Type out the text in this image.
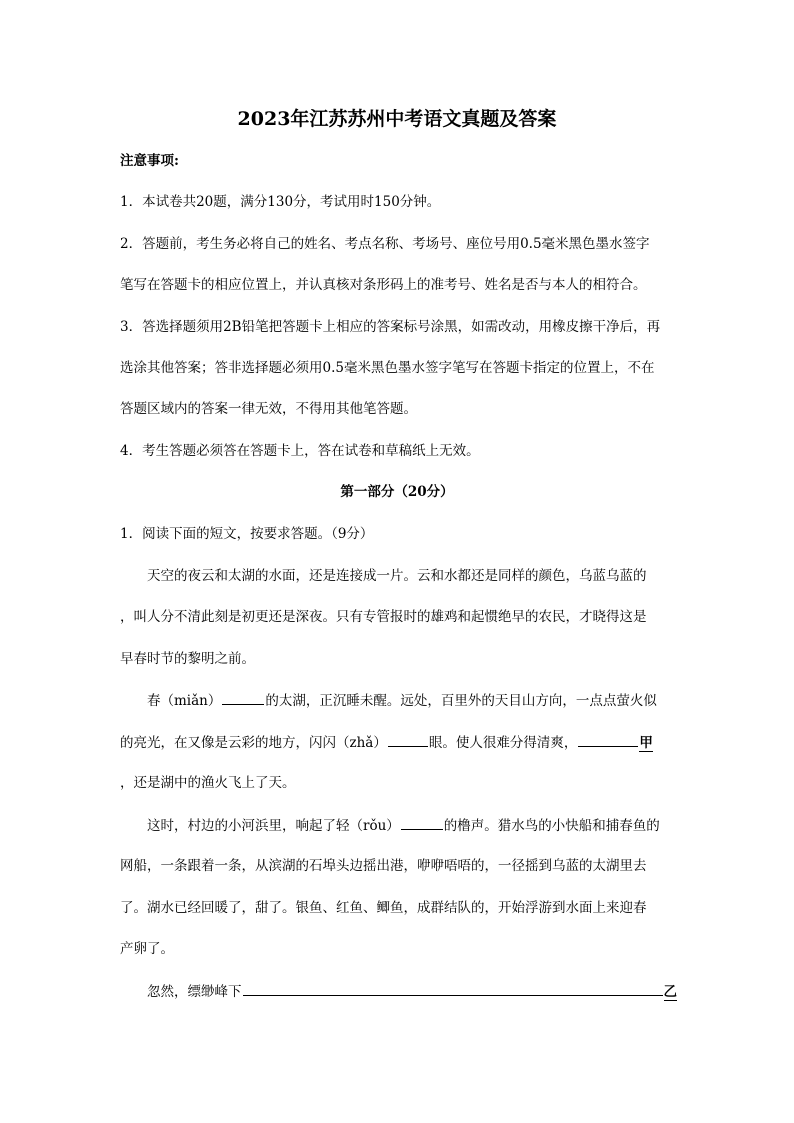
2023年江苏苏州中考语文真题及答案
注意事项:
1．本试卷共20题，满分130分，考试用时150分钟。
2．答题前，考生务必将自己的姓名、考点名称、考场号、座位号用0.5毫米黑色墨水签字
笔写在答题卡的相应位置上，并认真核对条形码上的准考号、姓名是否与本人的相符合。
3．答选择题须用2B铅笔把答题卡上相应的答案标号涂黑，如需改动，用橡皮擦干净后，再
选涂其他答案；答非选择题必须用0.5毫米黑色墨水签字笔写在答题卡指定的位置上，不在
答题区域内的答案一律无效，不得用其他笔答题。
4．考生答题必须答在答题卡上，答在试卷和草稿纸上无效。
第一部分（20分）
1．阅读下面的短文，按要求答题。（9分）
天空的夜云和太湖的水面，还是连接成一片。云和水都还是同样的颜色，乌蓝乌蓝的
，叫人分不清此刻是初更还是深夜。只有专管报时的雄鸡和起惯绝早的农民，才晓得这是
早春时节的黎明之前。
春（miǎn）	的太湖，正沉睡未醒。远处，百里外的天目山方向，一点点萤火似
的亮光，在又像是云彩的地方，闪闪（zhǎ）	眼。使人很难分得清爽，	甲
，还是湖中的渔火飞上了天。
这时，村边的小河浜里，响起了轻（rǒu）	的橹声。猎水鸟的小快船和捕春鱼的
网船，一条跟着一条，从滨湖的石埠头边摇出港，咿咿唔唔的，一径摇到乌蓝的太湖里去
了。湖水已经回暖了，甜了。银鱼、红鱼、鲫鱼，成群结队的，开始浮游到水面上来迎春
产卵了。
忽然，缥缈峰下	乙
